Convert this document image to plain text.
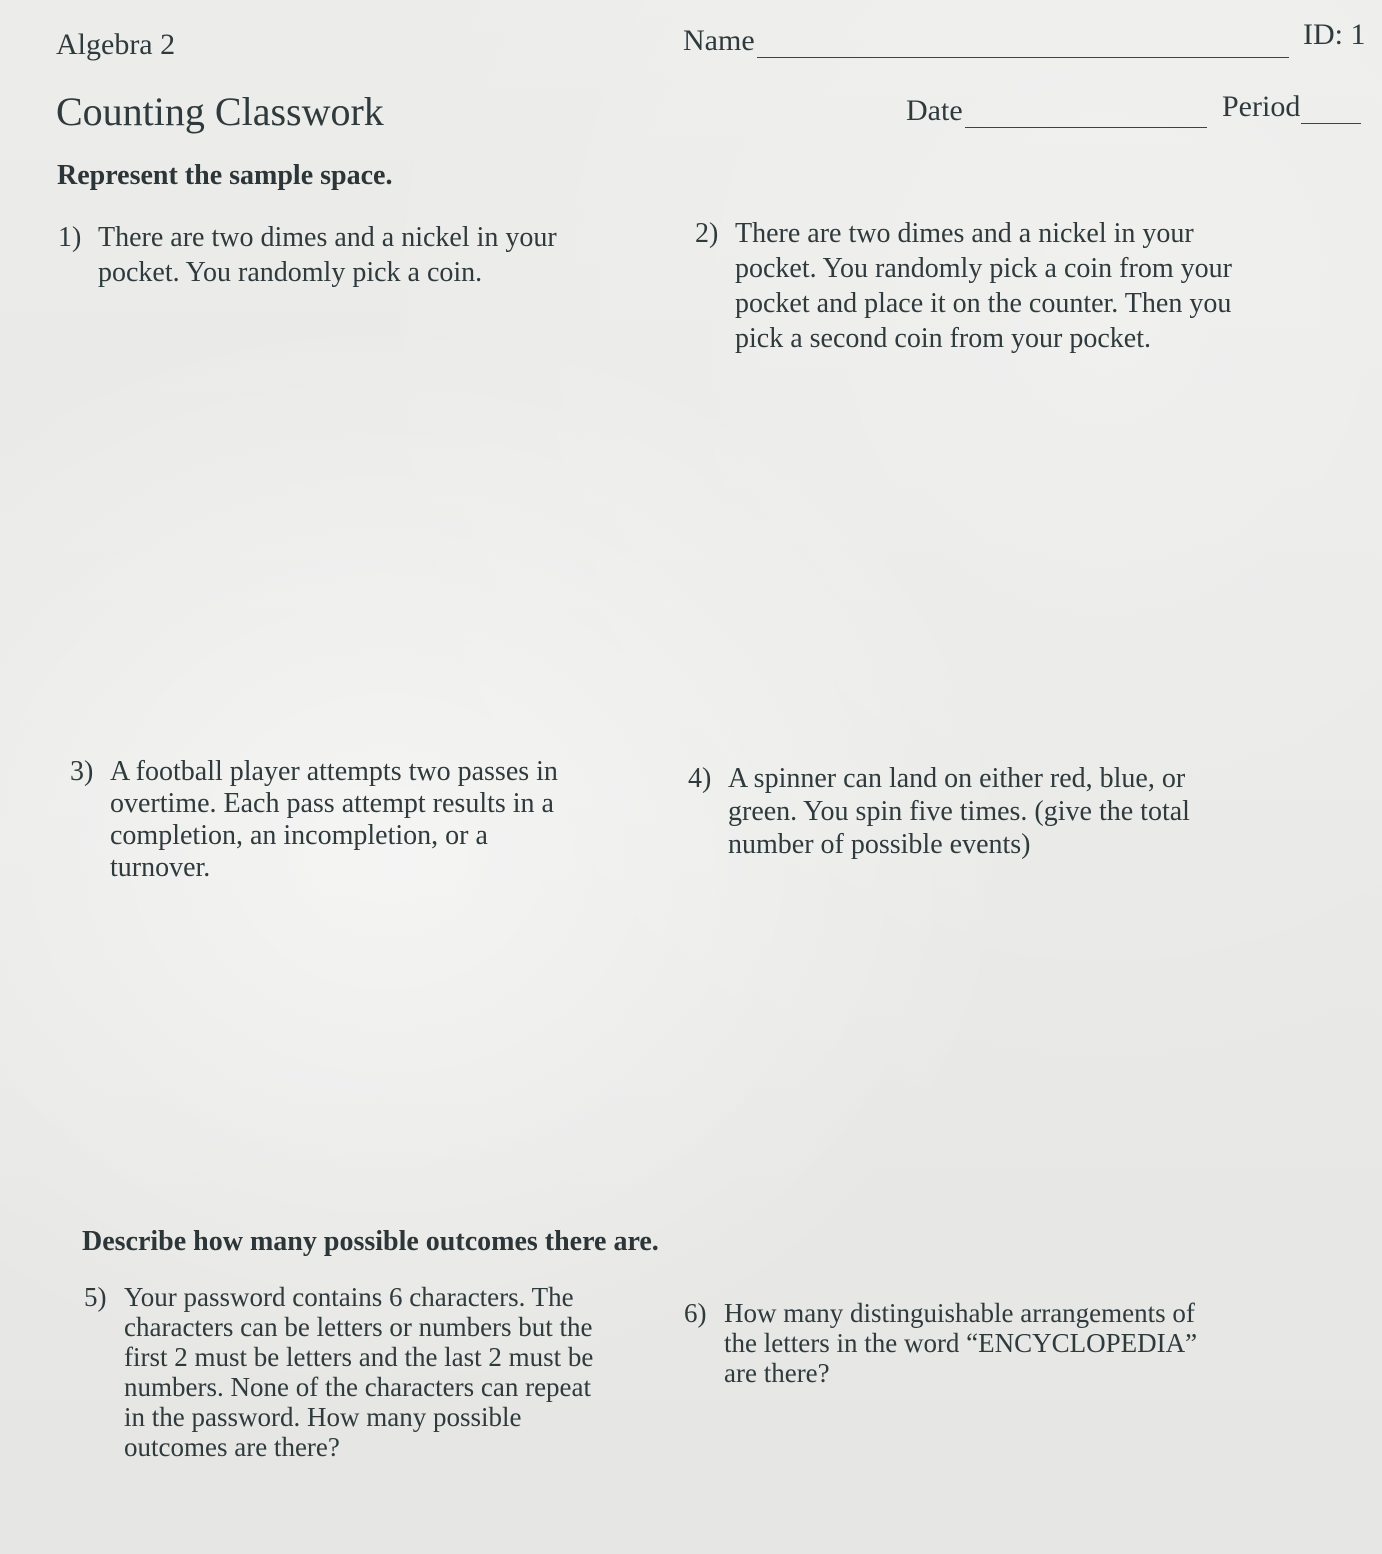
Algebra 2
Counting Classwork
Name	ID: 1
Date	Period
Represent the sample space.
1) There are two dimes and a nickel in your pocket. You randomly pick a coin.
2) There are two dimes and a nickel in your pocket. You randomly pick a coin from your pocket and place it on the counter. Then you pick a second coin from your pocket.
3) A football player attempts two passes in overtime. Each pass attempt results in a completion, an incompletion, or a turnover.
4) A spinner can land on either red, blue, or green. You spin five times. (give the total number of possible events)
Describe how many possible outcomes there are.
5) Your password contains 6 characters. The characters can be letters or numbers but the first 2 must be letters and the last 2 must be numbers. None of the characters can repeat in the password. How many possible outcomes are there?
6) How many distinguishable arrangements of the letters in the word “ENCYCLOPEDIA” are there?
